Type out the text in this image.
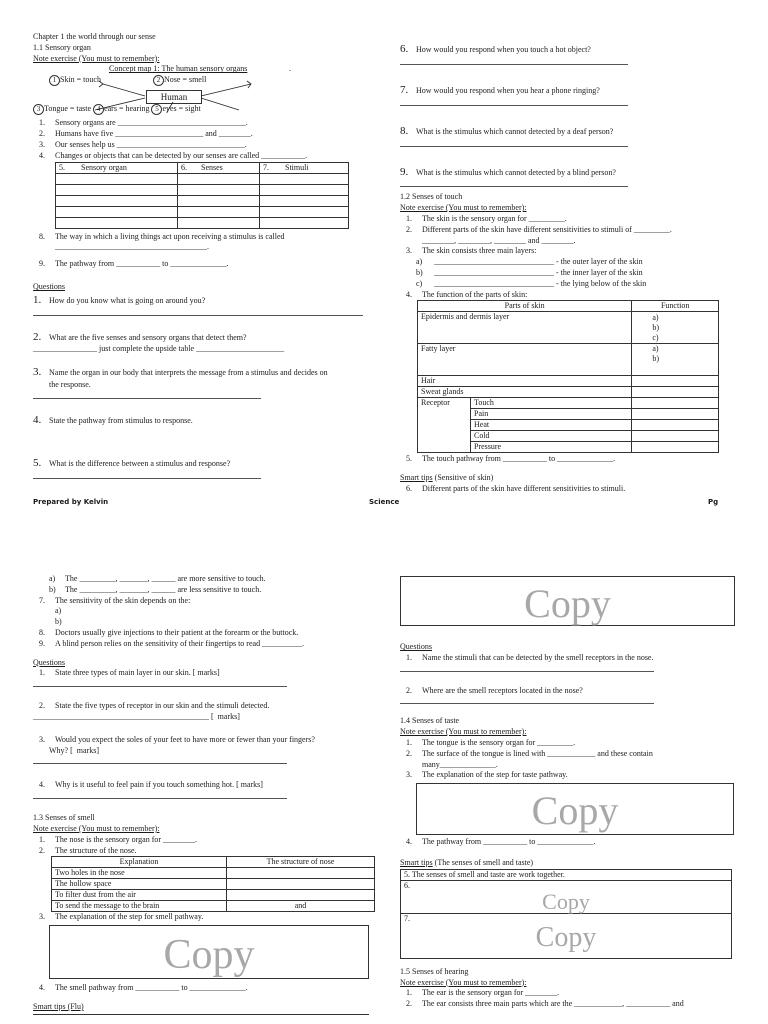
Chapter 1 the world through our sense

1.1 Sensory organ

Note exercise (You must to remember):

Concept map 1: The human sensory organs	.
1 Skin = touch	2 Nose = smell
Human
3 Tongue = taste 4 ears = hearing 5 eyes = sight
1.	Sensory organs are ________________________________.
2.	Humans have five ______________________ and ________.
3.	Our senses help us ________________________________.
4.	Changes or objects that can be detected by our senses are called ___________.
5. Sensory organ	6. Senses	7. Stimuli

8.	The way in which a living things act upon receiving a stimulus is called
______________________________________.
9.	The pathway from ___________ to ______________.

Questions

1. How do you know what is going on around you?
2. What are the five senses and sensory organs that detect them?

________________ just complete the upside table ______________________

3. Name the organ in our body that interprets the message from a stimulus and decides on

the response.

4. State the pathway from stimulus to response.
5. What is the difference between a stimulus and response?
6. How would you respond when you touch a hot object?
7. How would you respond when you hear a phone ringing?
8. What is the stimulus which cannot detected by a deaf person?
9. What is the stimulus which cannot detected by a blind person?

1.2 Senses of touch

Note exercise (You must to remember):

1.	The skin is the sensory organ for _________.
2.	Different parts of the skin have different sensitivities to stimuli of _________.
________, ________, ________ and ________.
3.	The skin consists three main layers:
a)	______________________________ - the outer layer of the skin
b)	______________________________ - the inner layer of the skin
c)	______________________________ - the lying below of the skin
4.	The function of the parts of skin:
Parts of skin		Function
Epidermis and dermis layer		a)
b)
c)

Fatty layer		a)
b)

Hair		
Sweat glands		
Receptor	Touch	
	Pain	
	Heat	
	Cold	
	Pressure	
5.	The touch pathway from ___________ to ______________.

Smart tips (Sensitive of skin)

6.	Different parts of the skin have different sensitivities to stimuli.
Prepared by Kelvin	Science	Pg
a)	The _________, _______, ______ are more sensitive to touch.
b)	The _________, _______, ______ are less sensitive to touch.
7.	The sensitivity of the skin depends on the:
a)
b)
8.	Doctors usually give injections to their patient at the forearm or the buttock.
9.	A blind person relies on the sensitivity of their fingertips to read __________.

Questions

1.	State three types of main layer in our skin. [ marks]
2.	State the five types of receptor in our skin and the stimuli detected.

____________________________________________ [  marks]

3.	Would you expect the soles of your feet to have more or fewer than your fingers?

Why? [  marks]

4.	Why is it useful to feel pain if you touch something hot. [ marks]

1.3 Senses of smell

Note exercise (You must to remember):

1.	The nose is the sensory organ for ________.
2.	The structure of the nose.
Explanation	The structure of nose
Two holes in the nose	
The hollow space	
To filter dust from the air	
To send the message to the brain	and
3.	The explanation of the step for smell pathway.
Copy
4.	The smell pathway from ___________ to ______________.

Smart tips (Flu)

Copy

Questions

1.	Name the stimuli that can be detected by the smell receptors in the nose.
2.	Where are the smell receptors located in the nose?

1.4 Senses of taste

Note exercise (You must to remember):

1.	The tongue is the sensory organ for _________.
2.	The surface of the tongue is lined with ____________ and these contain
many______________.
3.	The explanation of the step for taste pathway.
Copy
4.	The pathway from ___________ to ______________.

Smart tips (The senses of smell and taste)

5. The senses of smell and taste are work together.
6.
Copy

7.
Copy

1.5 Senses of hearing

Note exercise (You must to remember):

1.	The ear is the sensory organ for ________.
2.	The ear consists three main parts which are the ____________, ___________ and
